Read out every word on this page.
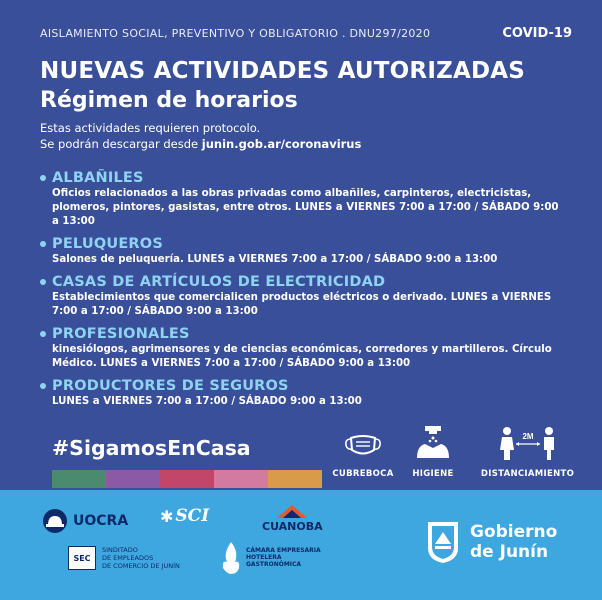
AISLAMIENTO SOCIAL, PREVENTIVO Y OBLIGATORIO . DNU297/2020	COVID-19
NUEVAS ACTIVIDADES AUTORIZADAS
Régimen de horarios
Estas actividades requieren protocolo.
Se podrán descargar desde junin.gob.ar/coronavirus
ALBAÑILES
Oficios relacionados a las obras privadas como albañiles, carpinteros, electricistas, plomeros, pintores, gasistas, entre otros. LUNES a VIERNES 7:00 a 17:00 / SÁBADO 9:00 a 13:00
PELUQUEROS
Salones de peluquería. LUNES a VIERNES 7:00 a 17:00 / SÁBADO 9:00 a 13:00
CASAS DE ARTÍCULOS DE ELECTRICIDAD
Establecimientos que comercialicen productos eléctricos o derivado. LUNES a VIERNES 7:00 a 17:00 / SÁBADO 9:00 a 13:00
PROFESIONALES
kinesiólogos, agrimensores y de ciencias económicas, corredores y martilleros. Círculo Médico. LUNES a VIERNES 7:00 a 17:00 / SÁBADO 9:00 a 13:00
PRODUCTORES DE SEGUROS
LUNES a VIERNES 7:00 a 17:00 / SÁBADO 9:00 a 13:00
#SigamosEnCasa
CUBREBOCA	HIGIENE
2M
DISTANCIAMIENTO
UOCRA ✱ SCI
CUANOBA
SEC
SINDITADO
DE EMPLEADOS
DE COMERCIO DE JUNÍN
CÁMARA EMPRESARIA
HOTELERA
GASTRONÓMICA
Gobierno
de Junín
